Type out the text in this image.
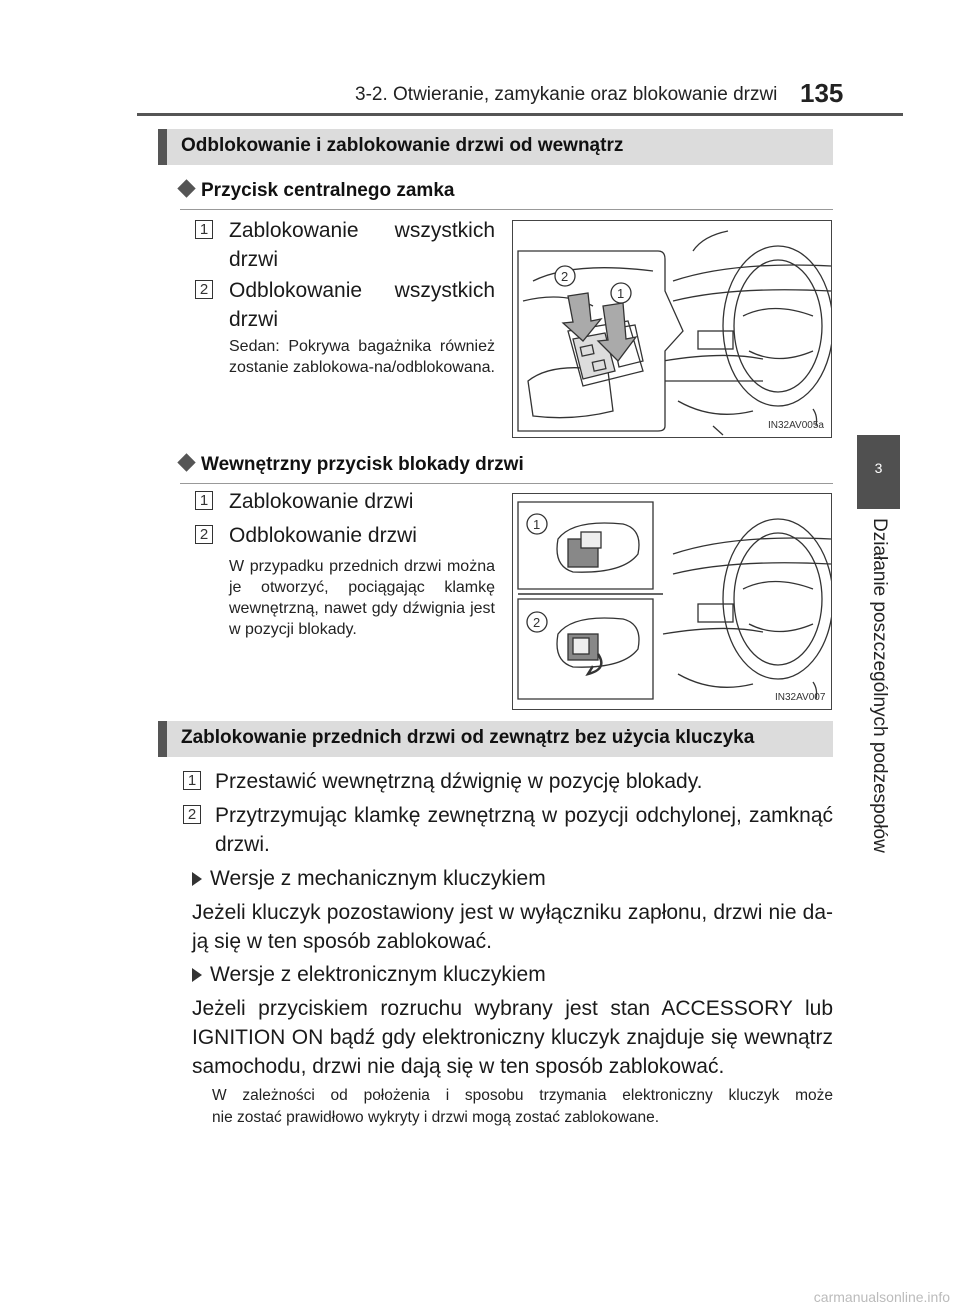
3-2. Otwieranie, zamykanie oraz blokowanie drzwi 135
3
Działanie poszczególnych podzespołów
Odblokowanie i zablokowanie drzwi od wewnątrz
Przycisk centralnego zamka
1 Zablokowanie wszystkich
drzwi
2 Odblokowanie wszystkich
drzwi
Sedan: Pokrywa bagażnika również zostanie zablokowa-na/odblokowana.
2
1
IN32AV005a
Wewnętrzny przycisk blokady drzwi
1 Zablokowanie drzwi
2 Odblokowanie drzwi
W przypadku przednich drzwi można je otworzyć, pociągając klamkę wewnętrzną, nawet gdy dźwignia jest w pozycji blokady.
1
2
IN32AV007
Zablokowanie przednich drzwi od zewnątrz bez użycia kluczyka
1 Przestawić wewnętrzną dźwignię w pozycję blokady.
2 Przytrzymując klamkę zewnętrzną w pozycji odchylonej, zamknąć
drzwi.
Wersje z mechanicznym kluczykiem
Jeżeli kluczyk pozostawiony jest w wyłączniku zapłonu, drzwi nie da-
ją się w ten sposób zablokować.
Wersje z elektronicznym kluczykiem
Jeżeli przyciskiem rozruchu wybrany jest stan ACCESSORY lub
IGNITION ON bądź gdy elektroniczny kluczyk znajduje się wewnątrz
samochodu, drzwi nie dają się w ten sposób zablokować.
W zależności od położenia i sposobu trzymania elektroniczny kluczyk może
nie zostać prawidłowo wykryty i drzwi mogą zostać zablokowane.
carmanualsonline.info
